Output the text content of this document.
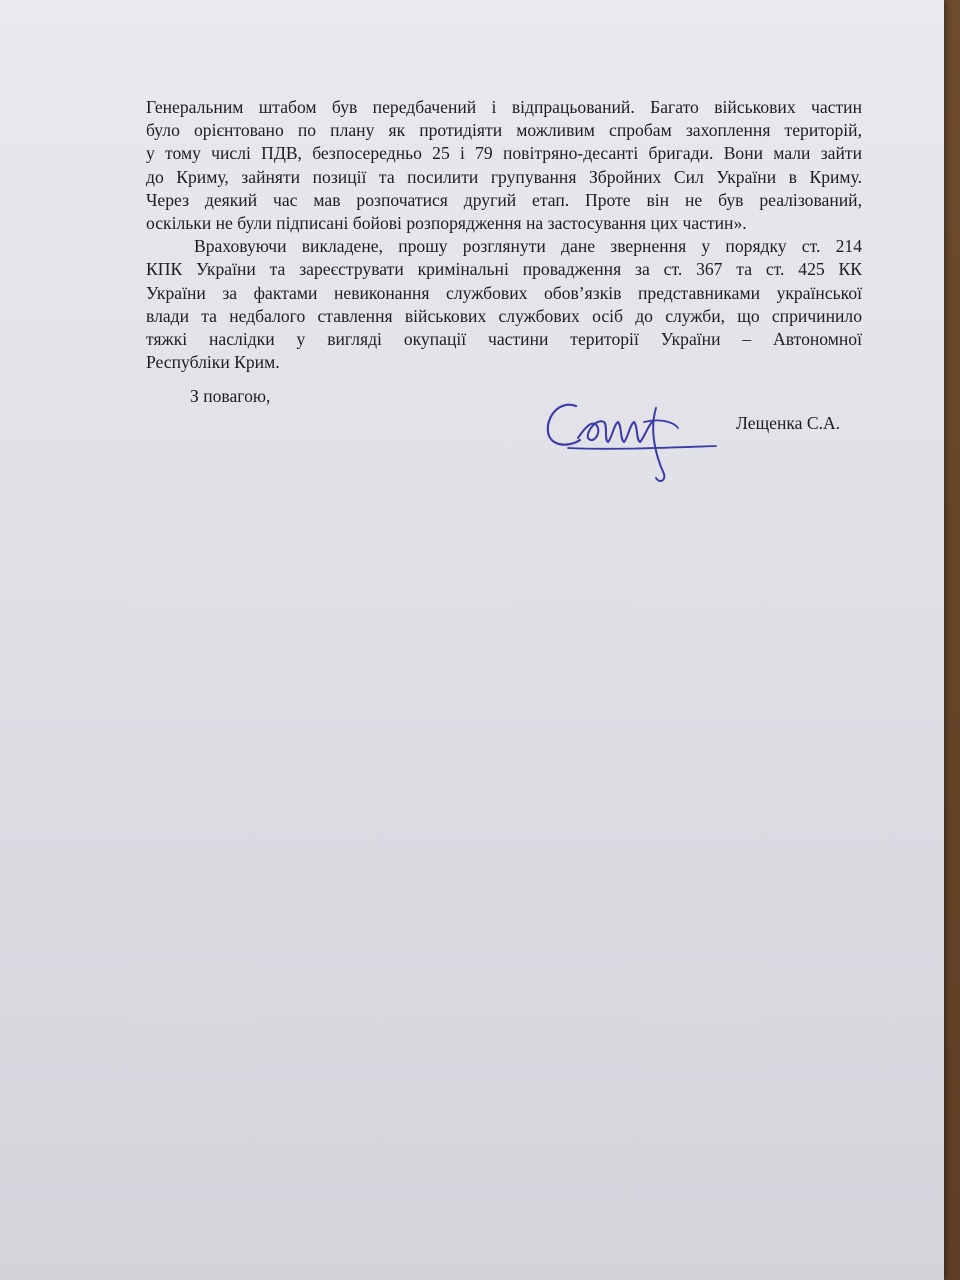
Генеральним штабом був передбачений і відпрацьований. Багато військових частин
було орієнтовано по плану як протидіяти можливим спробам захоплення територій,
у тому числі ПДВ, безпосередньо 25 і 79 повітряно-десанті бригади. Вони мали зайти
до Криму, зайняти позиції та посилити групування Збройних Сил України в Криму.
Через деякий час мав розпочатися другий етап. Проте він не був реалізований,
оскільки не були підписані бойові розпорядження на застосування цих частин».
Враховуючи викладене, прошу розглянути дане звернення у порядку ст. 214
КПК України та зареєструвати кримінальні провадження за ст. 367 та ст. 425 КК
України за фактами невиконання службових обов’язків представниками української
влади та недбалого ставлення військових службових осіб до служби, що спричинило
тяжкі наслідки у вигляді окупації частини території України – Автономної
Республіки Крим.
З повагою,
Лещенка С.А.
